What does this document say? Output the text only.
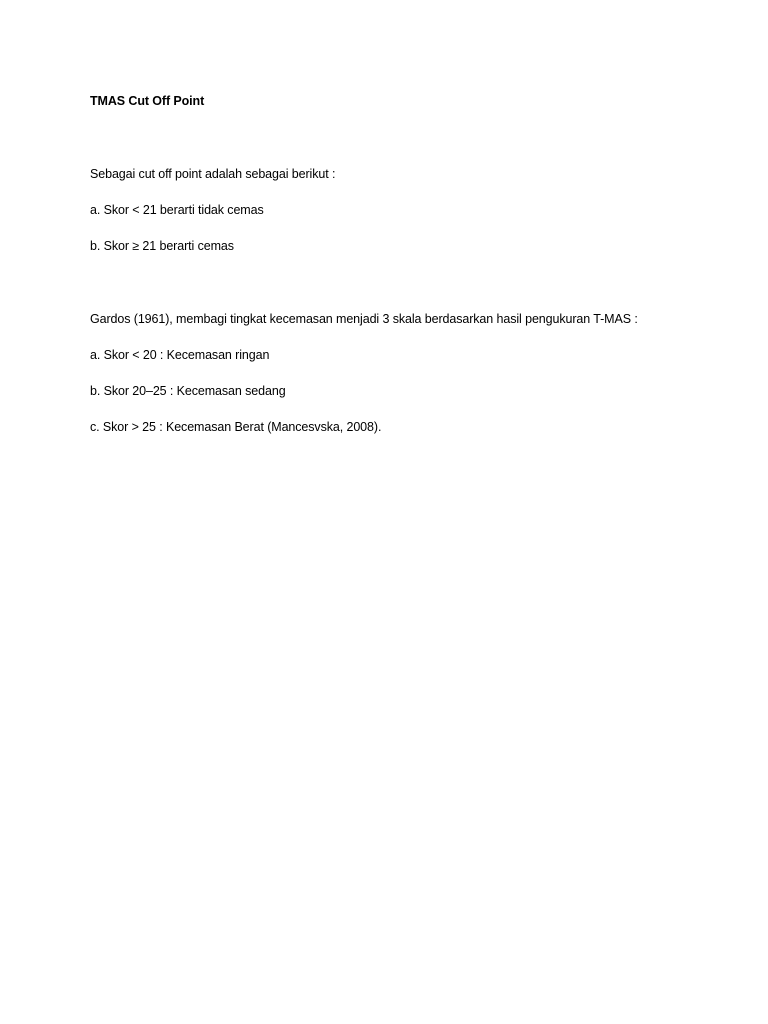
TMAS Cut Off Point
Sebagai cut off point adalah sebagai berikut :
a. Skor < 21 berarti tidak cemas
b. Skor ≥ 21 berarti cemas
Gardos (1961), membagi tingkat kecemasan menjadi 3 skala berdasarkan hasil pengukuran T-MAS :
a. Skor < 20 : Kecemasan ringan
b. Skor 20–25 : Kecemasan sedang
c. Skor > 25 : Kecemasan Berat (Mancesvska, 2008).
